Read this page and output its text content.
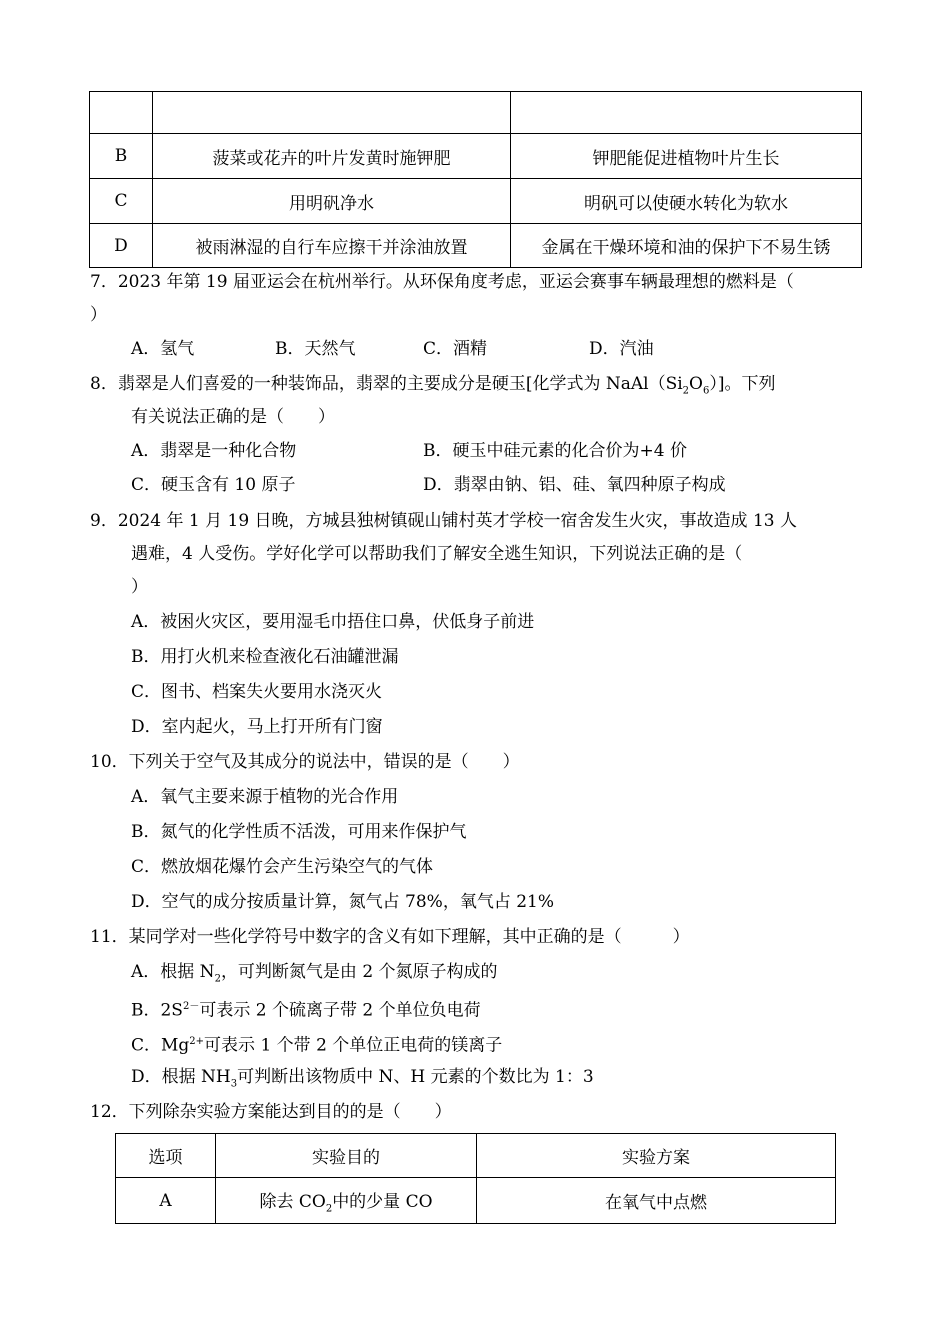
B	菠菜或花卉的叶片发黄时施钾肥	钾肥能促进植物叶片生长
C	用明矾净水	明矾可以使硬水转化为软水
D	被雨淋湿的自行车应擦干并涂油放置	金属在干燥环境和油的保护下不易生锈
7．2023 年第 19 届亚运会在杭州举行。从环保角度考虑，亚运会赛事车辆最理想的燃料是（
）
A．氢气	B．天然气	C．酒精	D．汽油
8．翡翠是人们喜爱的一种装饰品，翡翠的主要成分是硬玉[化学式为 $NaAl(Si_2O_6)$]。下列
有关说法正确的是（　　）
A．翡翠是一种化合物	B．硬玉中硅元素的化合价为+4 价
C．硬玉含有 10 原子	D．翡翠由钠、铝、硅、氧四种原子构成
9．2024 年 1 月 19 日晚，方城县独树镇砚山铺村英才学校一宿舍发生火灾，事故造成 13 人
遇难，4 人受伤。学好化学可以帮助我们了解安全逃生知识，下列说法正确的是（
）
A．被困火灾区，要用湿毛巾捂住口鼻，伏低身子前进
B．用打火机来检查液化石油罐泄漏
C．图书、档案失火要用水浇灭火
D．室内起火，马上打开所有门窗
10．下列关于空气及其成分的说法中，错误的是（　　）
A．氧气主要来源于植物的光合作用
B．氮气的化学性质不活泼，可用来作保护气
C．燃放烟花爆竹会产生污染空气的气体
D．空气的成分按质量计算，氮气占 78%，氧气占 21%
11．某同学对一些化学符号中数字的含义有如下理解，其中正确的是（　　　）
A．根据 $N_2$，可判断氮气是由 2 个氮原子构成的
B．$2S^{2-}$可表示 2 个硫离子带 2 个单位负电荷
C．$Mg^{2+}$可表示 1 个带 2 个单位正电荷的镁离子
D．根据 $NH_3$可判断出该物质中 N、H 元素的个数比为 1：3
12．下列除杂实验方案能达到目的的是（　　）
选项	实验目的	实验方案
A	除去 $CO_2$中的少量 CO	在氧气中点燃
